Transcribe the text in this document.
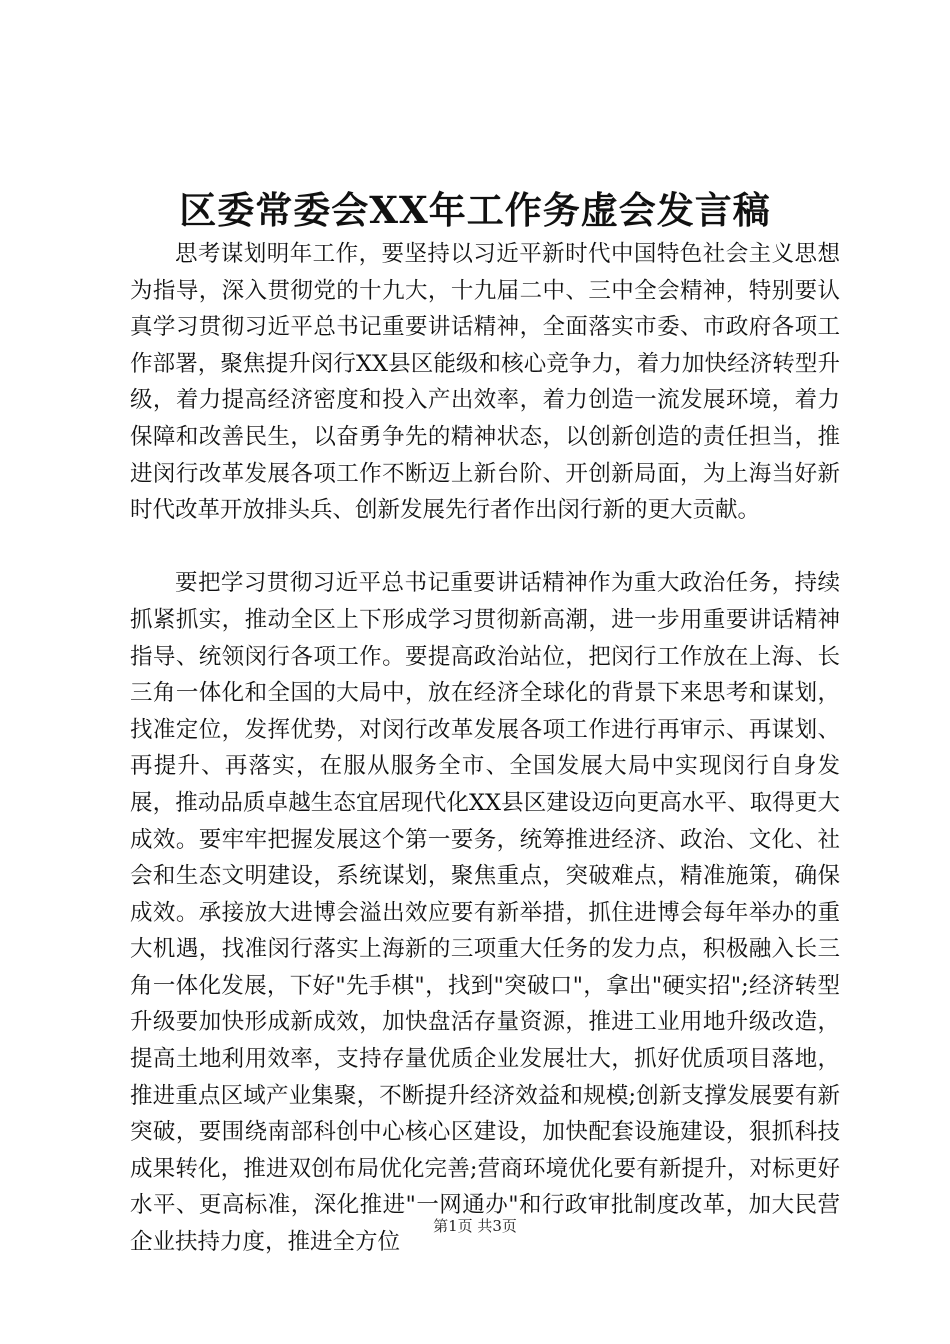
区委常委会XX年工作务虚会发言稿

思考谋划明年工作，要坚持以习近平新时代中国特色社会主义思想为指导，深入贯彻党的十九大，十九届二中、三中全会精神，特别要认真学习贯彻习近平总书记重要讲话精神，全面落实市委、市政府各项工作部署，聚焦提升闵行XX县区能级和核心竞争力，着力加快经济转型升级，着力提高经济密度和投入产出效率，着力创造一流发展环境，着力保障和改善民生，以奋勇争先的精神状态，以创新创造的责任担当，推进闵行改革发展各项工作不断迈上新台阶、开创新局面，为上海当好新时代改革开放排头兵、创新发展先行者作出闵行新的更大贡献。

要把学习贯彻习近平总书记重要讲话精神作为重大政治任务，持续抓紧抓实，推动全区上下形成学习贯彻新高潮，进一步用重要讲话精神指导、统领闵行各项工作。要提高政治站位，把闵行工作放在上海、长三角一体化和全国的大局中，放在经济全球化的背景下来思考和谋划，找准定位，发挥优势，对闵行改革发展各项工作进行再审示、再谋划、再提升、再落实，在服从服务全市、全国发展大局中实现闵行自身发展，推动品质卓越生态宜居现代化XX县区建设迈向更高水平、取得更大成效。要牢牢把握发展这个第一要务，统筹推进经济、政治、文化、社会和生态文明建设，系统谋划，聚焦重点，突破难点，精准施策，确保成效。承接放大进博会溢出效应要有新举措，抓住进博会每年举办的重大机遇，找准闵行落实上海新的三项重大任务的发力点，积极融入长三角一体化发展，下好"先手棋"，找到"突破口"，拿出"硬实招";经济转型升级要加快形成新成效，加快盘活存量资源，推进工业用地升级改造，提高土地利用效率，支持存量优质企业发展壮大，抓好优质项目落地，推进重点区域产业集聚，不断提升经济效益和规模;创新支撑发展要有新突破，要围绕南部科创中心核心区建设，加快配套设施建设，狠抓科技成果转化，推进双创布局优化完善;营商环境优化要有新提升，对标更好水平、更高标准，深化推进"一网通办"和行政审批制度改革，加大民营企业扶持力度，推进全方位

第1页 共3页
